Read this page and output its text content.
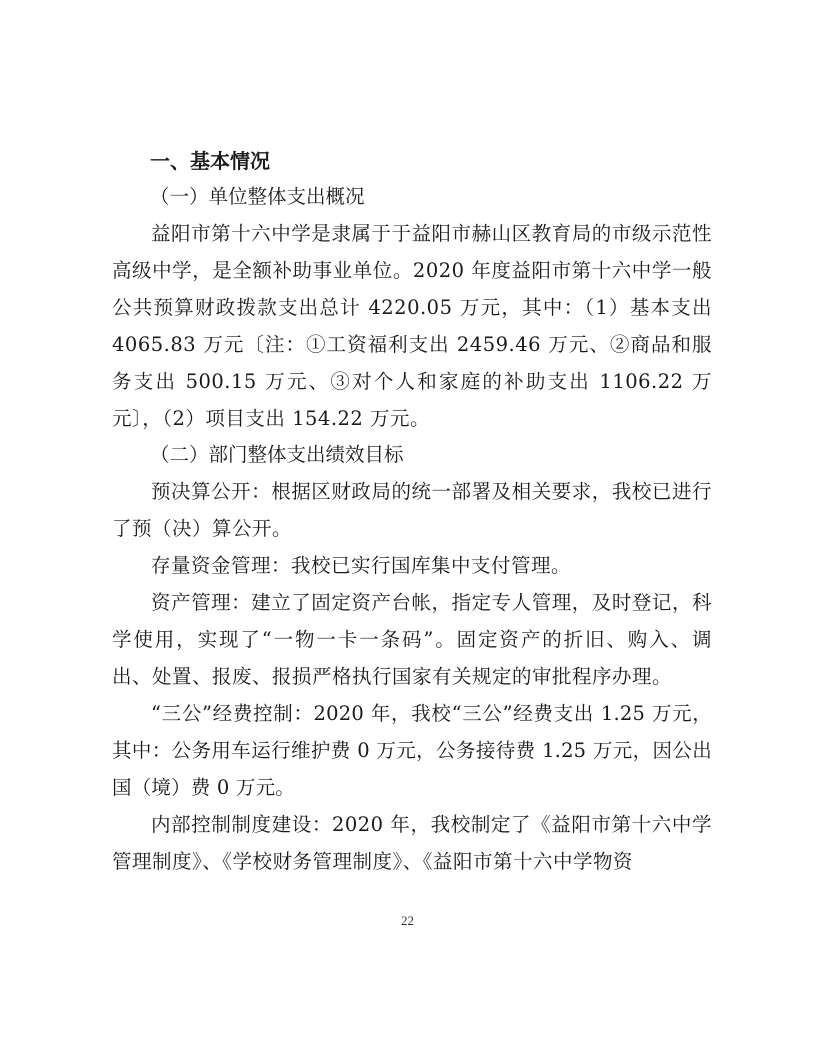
一、基本情况

（一）单位整体支出概况

益阳市第十六中学是隶属于于益阳市赫山区教育局的市级示范性高级中学，是全额补助事业单位。2020 年度益阳市第十六中学一般公共预算财政拨款支出总计 4220.05 万元，其中：（1）基本支出 4065.83 万元〔注：①工资福利支出 2459.46 万元、②商品和服务支出 500.15 万元、③对个人和家庭的补助支出 1106.22 万元〕，（2）项目支出 154.22 万元。

（二）部门整体支出绩效目标

预决算公开：根据区财政局的统一部署及相关要求，我校已进行了预（决）算公开。

存量资金管理：我校已实行国库集中支付管理。

资产管理：建立了固定资产台帐，指定专人管理，及时登记，科学使用，实现了“一物一卡一条码”。固定资产的折旧、购入、调出、处置、报废、报损严格执行国家有关规定的审批程序办理。

“三公”经费控制：2020 年，我校“三公”经费支出 1.25 万元，其中：公务用车运行维护费 0 万元，公务接待费 1.25 万元，因公出国（境）费 0 万元。

内部控制制度建设：2020 年，我校制定了《益阳市第十六中学管理制度》、《学校财务管理制度》、《益阳市第十六中学物资

22
